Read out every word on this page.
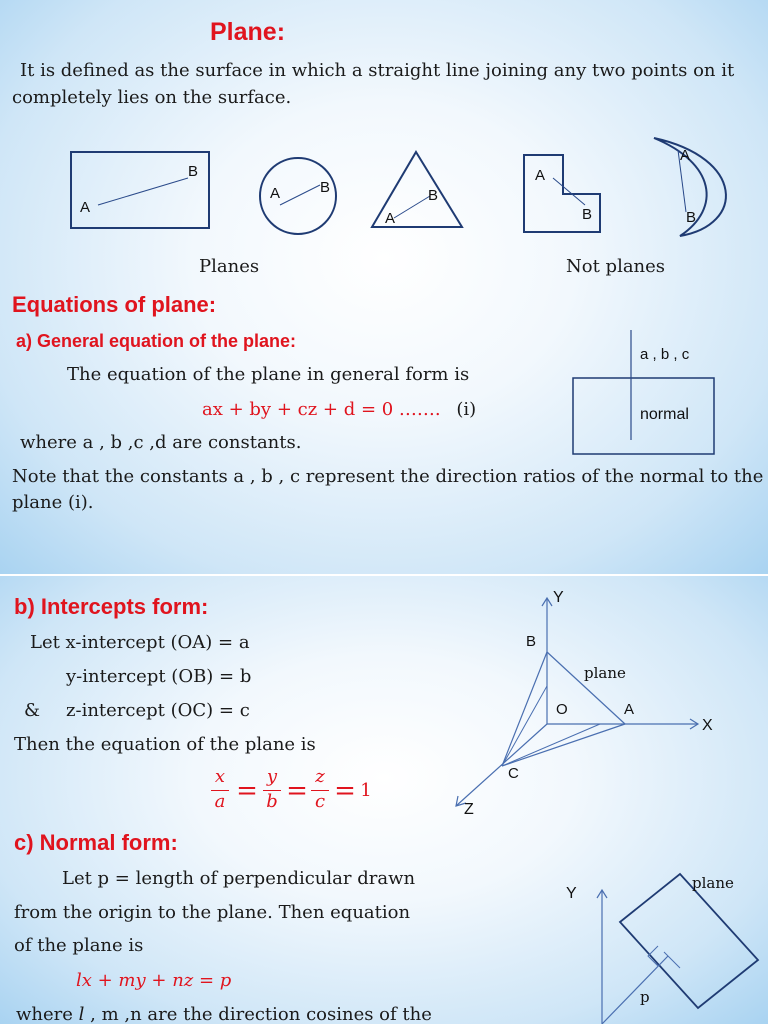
Plane:
It is defined as the surface in which a straight line joining any two points on it
completely lies on the surface.
B
A
A	B	B
A
A
B
A
B
Planes	Not planes
Equations of plane:
a) General equation of the plane:
The equation of the plane in general form is
ax + by + cz + d = 0 ……. (i)
where a , b ,c ,d are constants.
Note that the constants a , b , c represent the direction ratios of the normal to the
plane (i).
a , b , c
normal
b) Intercepts form:
Let x-intercept (OA) = a
y-intercept (OB) = b
& z-intercept (OC) = c
Then the equation of the plane is
x
a = y
b = z
c = 1
Y
X
Z
B
O	A
C
plane
c) Normal form:
Let p = length of perpendicular drawn
from the origin to the plane. Then equation
of the plane is
lx + my + nz = p
where l , m ,n are the direction cosines of the
Y
plane
p
